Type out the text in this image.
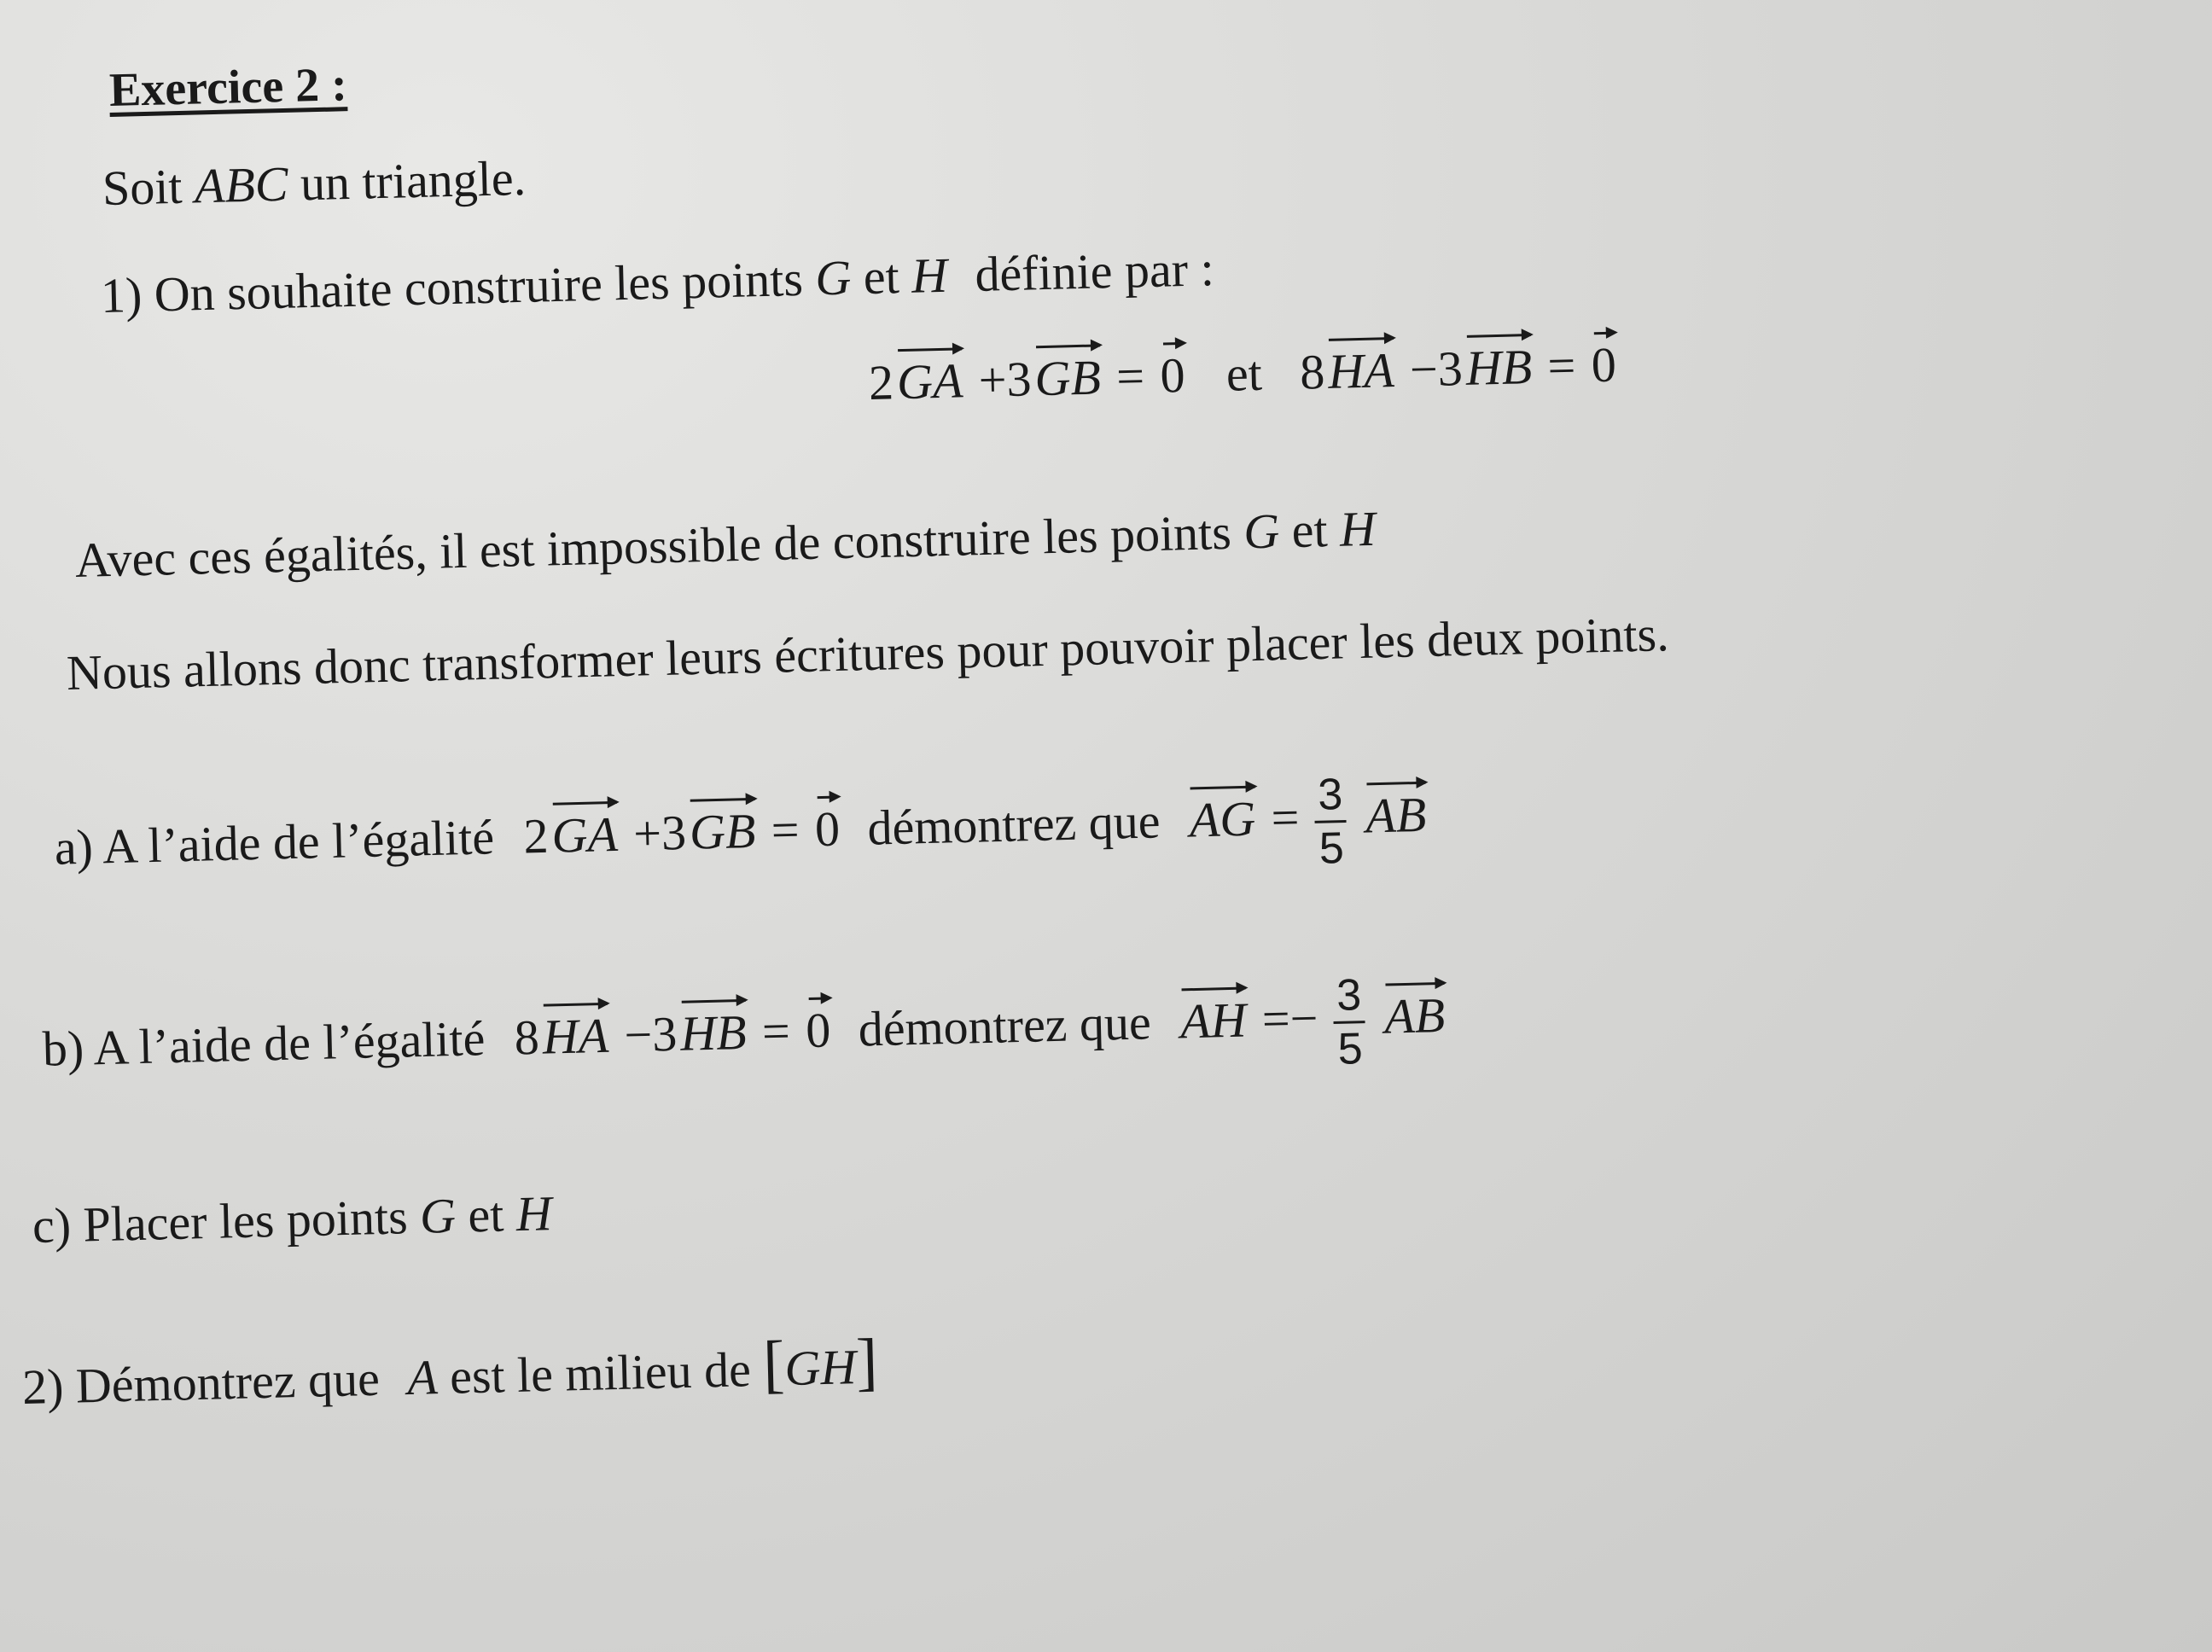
Exercice 2 :
Soit ABC un triangle.
1) On souhaite construire les points G et H définie par :
2GA +3GB = 0 et 8HA −3HB = 0
Avec ces égalités, il est impossible de construire les points G et H
Nous allons donc transformer leurs écritures pour pouvoir placer les deux points.
a) A l’aide de l’égalité 2GA +3GB = 0 démontrez que AG = $\frac{3}{5}$ AB
b) A l’aide de l’égalité 8HA −3HB = 0 démontrez que AH =− $\frac{3}{5}$ AB
c) Placer les points G et H
2) Démontrez que A est le milieu de [GH]
